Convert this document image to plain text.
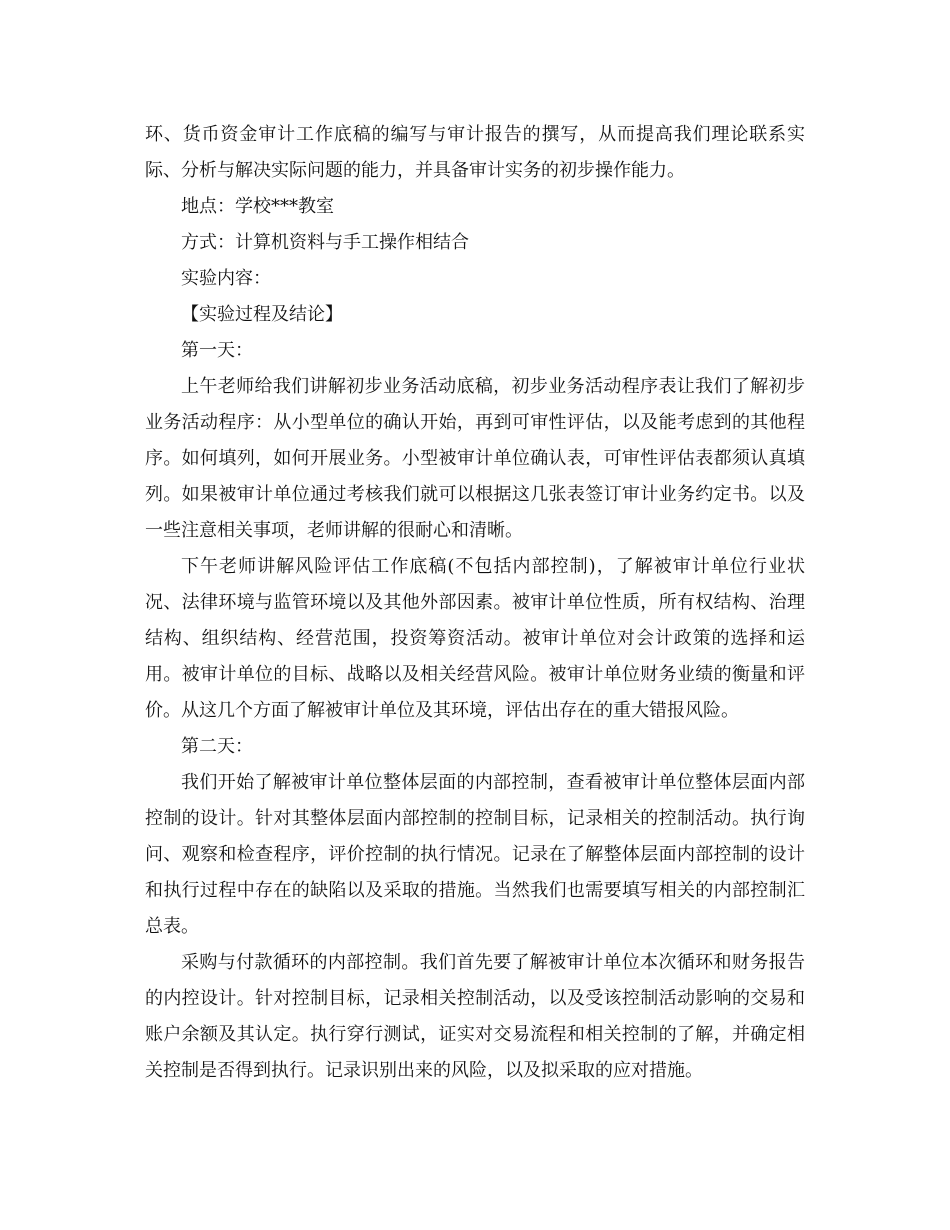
环、货币资金审计工作底稿的编写与审计报告的撰写，从而提高我们理论联系实际、分析与解决实际问题的能力，并具备审计实务的初步操作能力。

地点：学校***教室

方式：计算机资料与手工操作相结合

实验内容：

【实验过程及结论】

第一天：

上午老师给我们讲解初步业务活动底稿，初步业务活动程序表让我们了解初步业务活动程序：从小型单位的确认开始，再到可审性评估，以及能考虑到的其他程序。如何填列，如何开展业务。小型被审计单位确认表，可审性评估表都须认真填列。如果被审计单位通过考核我们就可以根据这几张表签订审计业务约定书。以及一些注意相关事项，老师讲解的很耐心和清晰。

下午老师讲解风险评估工作底稿(不包括内部控制)，了解被审计单位行业状况、法律环境与监管环境以及其他外部因素。被审计单位性质，所有权结构、治理结构、组织结构、经营范围，投资筹资活动。被审计单位对会计政策的选择和运用。被审计单位的目标、战略以及相关经营风险。被审计单位财务业绩的衡量和评价。从这几个方面了解被审计单位及其环境，评估出存在的重大错报风险。

第二天：

我们开始了解被审计单位整体层面的内部控制，查看被审计单位整体层面内部控制的设计。针对其整体层面内部控制的控制目标，记录相关的控制活动。执行询问、观察和检查程序，评价控制的执行情况。记录在了解整体层面内部控制的设计和执行过程中存在的缺陷以及采取的措施。当然我们也需要填写相关的内部控制汇总表。

采购与付款循环的内部控制。我们首先要了解被审计单位本次循环和财务报告的内控设计。针对控制目标，记录相关控制活动，以及受该控制活动影响的交易和账户余额及其认定。执行穿行测试，证实对交易流程和相关控制的了解，并确定相关控制是否得到执行。记录识别出来的风险，以及拟采取的应对措施。
